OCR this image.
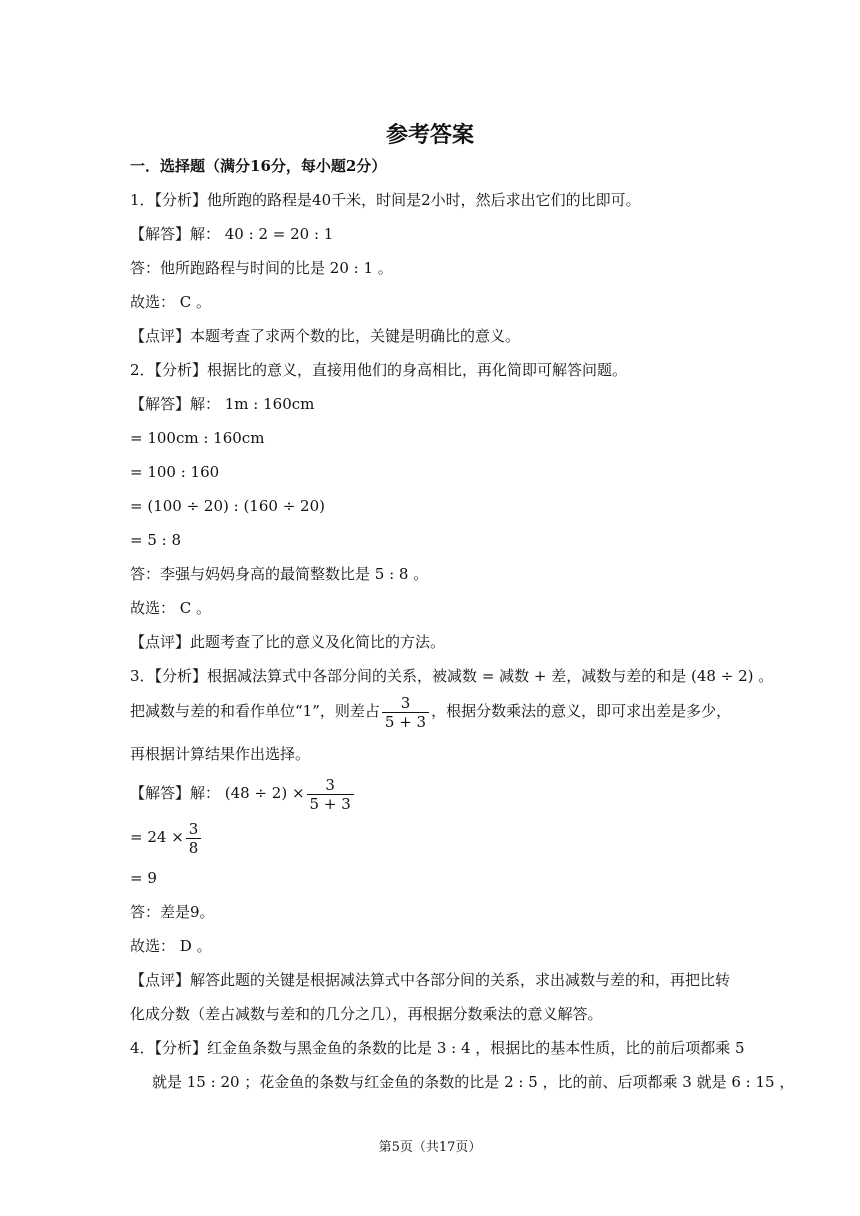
参考答案
一．选择题（满分16分，每小题2分）
1．【分析】他所跑的路程是40千米，时间是2小时，然后求出它们的比即可。
【解答】解： 40 : 2 = 20 : 1
答：他所跑路程与时间的比是 20 : 1 。
故选： C 。
【点评】本题考查了求两个数的比，关键是明确比的意义。
2．【分析】根据比的意义，直接用他们的身高相比，再化简即可解答问题。
【解答】解： 1m : 160cm
= 100cm : 160cm
= 100 : 160
= (100 ÷ 20) : (160 ÷ 20)
= 5 : 8
答：李强与妈妈身高的最简整数比是 5 : 8 。
故选： C 。
【点评】此题考查了比的意义及化简比的方法。
3．【分析】根据减法算式中各部分间的关系，被减数 = 减数 + 差，减数与差的和是 (48 ÷ 2) 。
把减数与差的和看作单位“1”，则差占 $\frac{3}{5 + 3}$ ，根据分数乘法的意义，即可求出差是多少，
再根据计算结果作出选择。
【解答】解： $(48 \div 2) \times \frac{3}{5 + 3}$
= $24 \times \frac{3}{8}$
= 9
答：差是9。
故选： D 。
【点评】解答此题的关键是根据减法算式中各部分间的关系，求出减数与差的和，再把比转
化成分数（差占减数与差和的几分之几），再根据分数乘法的意义解答。
4．【分析】红金鱼条数与黑金鱼的条数的比是 3 : 4 ，根据比的基本性质，比的前后项都乘 5
就是 15 : 20 ；花金鱼的条数与红金鱼的条数的比是 2 : 5 ，比的前、后项都乘 3 就是 6 : 15 ，
第5页（共17页）
